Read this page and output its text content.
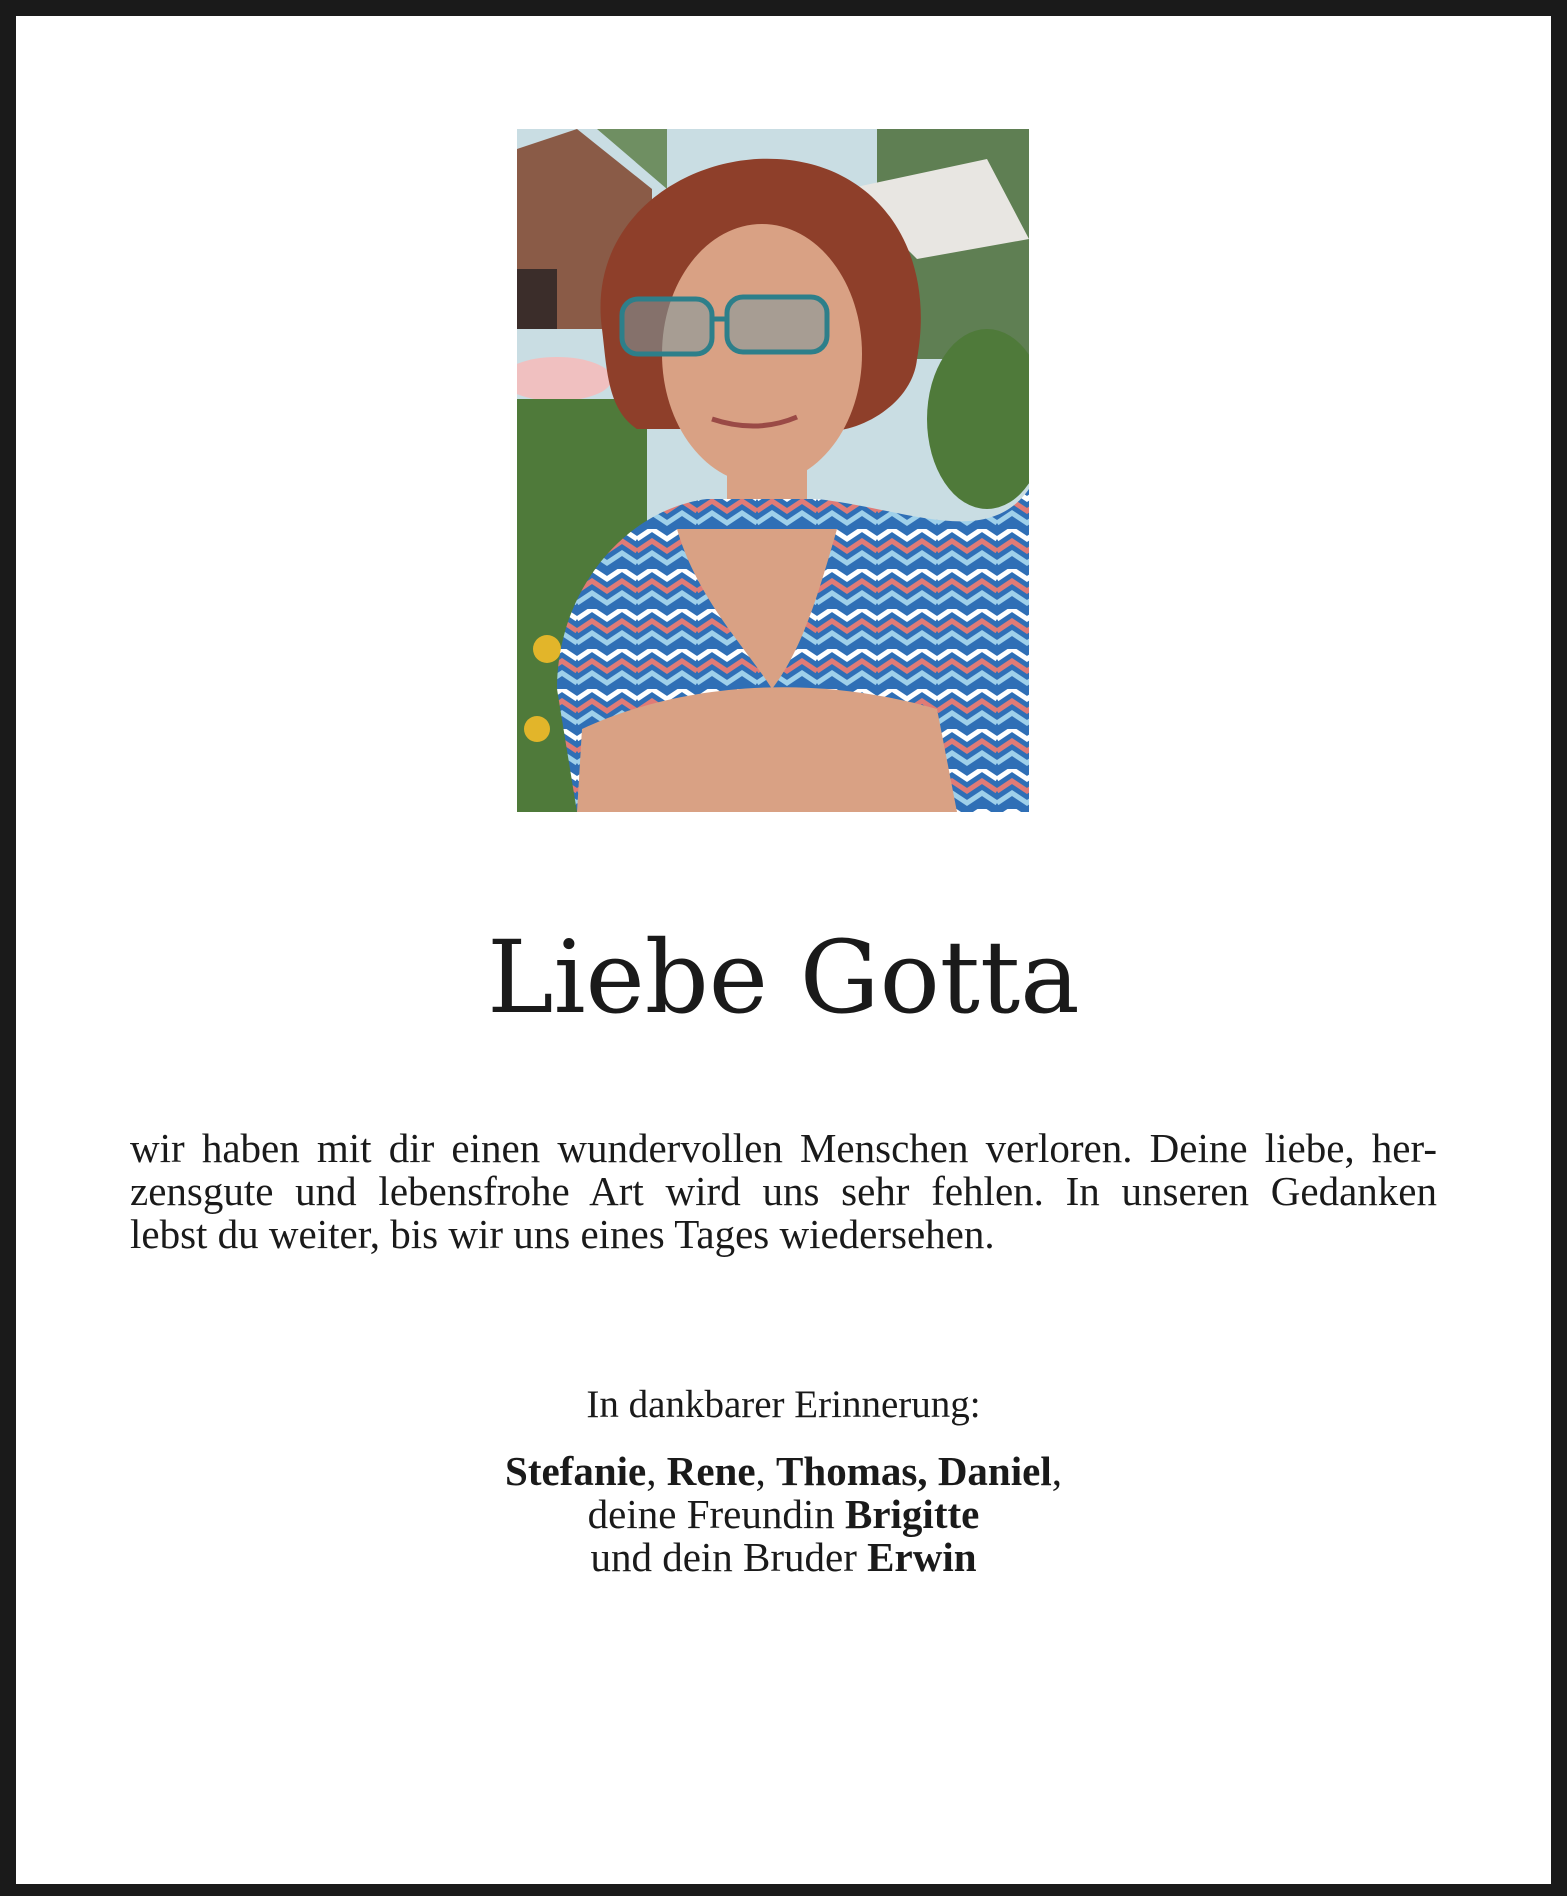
Liebe Gotta
wir haben mit dir einen wundervollen Menschen verloren. Deine liebe, her-
zensgute und lebensfrohe Art wird uns sehr fehlen. In unseren Gedanken
lebst du weiter, bis wir uns eines Tages wiedersehen.
In dankbarer Erinnerung:
Stefanie, Rene, Thomas, Daniel,
deine Freundin Brigitte
und dein Bruder Erwin
